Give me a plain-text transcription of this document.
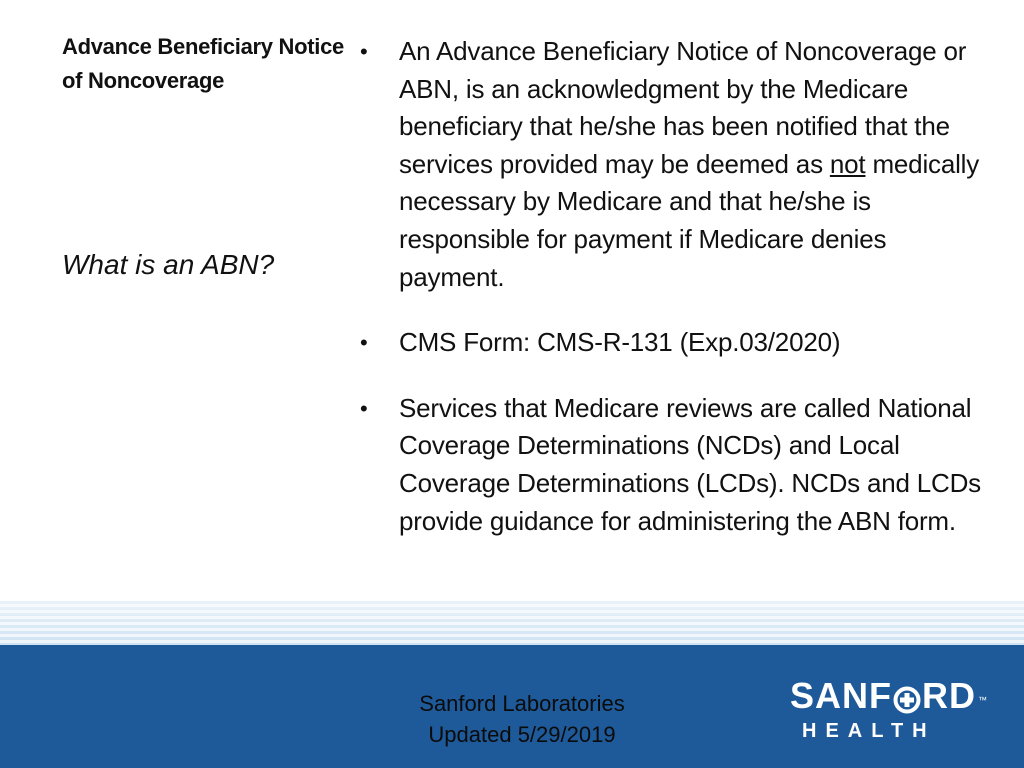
Advance Beneficiary Notice of Noncoverage
What is an ABN?
• An Advance Beneficiary Notice of Noncoverage or ABN, is an acknowledgment by the Medicare beneficiary that he/she has been notified that the services provided may be deemed as not medically necessary by Medicare and that he/she is responsible for payment if Medicare denies payment.
• CMS Form: CMS-R-131 (Exp.03/2020)
• Services that Medicare reviews are called National Coverage Determinations (NCDs) and Local Coverage Determinations (LCDs). NCDs and LCDs provide guidance for administering the ABN form.
Sanford Laboratories
Updated 5/29/2019
SANF RD ™
HEALTH
